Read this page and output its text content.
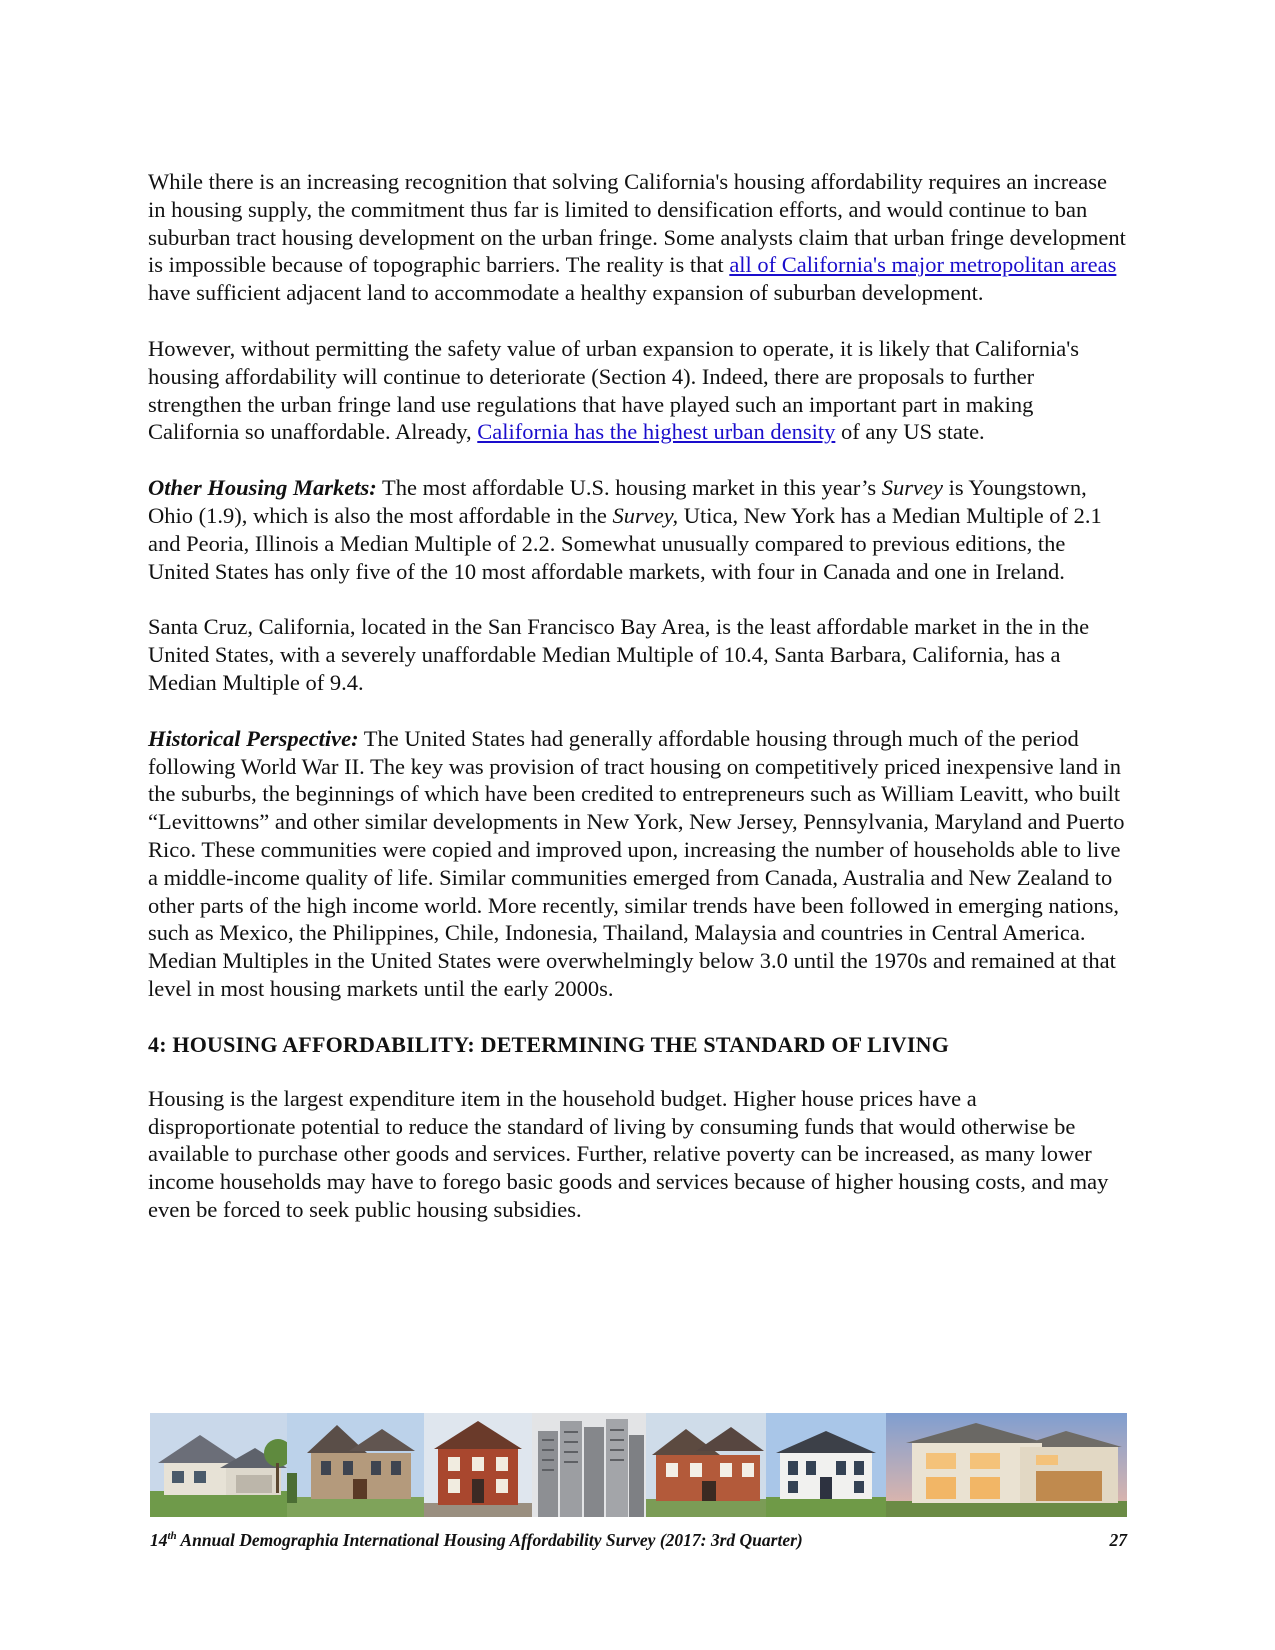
While there is an increasing recognition that solving California's housing affordability requires an increase in housing supply, the commitment thus far is limited to densification efforts, and would continue to ban suburban tract housing development on the urban fringe. Some analysts claim that urban fringe development is impossible because of topographic barriers. The reality is that all of California's major metropolitan areas have sufficient adjacent land to accommodate a healthy expansion of suburban development.

However, without permitting the safety value of urban expansion to operate, it is likely that California's housing affordability will continue to deteriorate (Section 4). Indeed, there are proposals to further strengthen the urban fringe land use regulations that have played such an important part in making California so unaffordable. Already, California has the highest urban density of any US state.

Other Housing Markets: The most affordable U.S. housing market in this year’s Survey is Youngstown, Ohio (1.9), which is also the most affordable in the Survey, Utica, New York has a Median Multiple of 2.1 and Peoria, Illinois a Median Multiple of 2.2. Somewhat unusually compared to previous editions, the United States has only five of the 10 most affordable markets, with four in Canada and one in Ireland.

Santa Cruz, California, located in the San Francisco Bay Area, is the least affordable market in the in the United States, with a severely unaffordable Median Multiple of 10.4, Santa Barbara, California, has a Median Multiple of 9.4.

Historical Perspective: The United States had generally affordable housing through much of the period following World War II. The key was provision of tract housing on competitively priced inexpensive land in the suburbs, the beginnings of which have been credited to entrepreneurs such as William Leavitt, who built “Levittowns” and other similar developments in New York, New Jersey, Pennsylvania, Maryland and Puerto Rico. These communities were copied and improved upon, increasing the number of households able to live a middle-income quality of life. Similar communities emerged from Canada, Australia and New Zealand to other parts of the high income world. More recently, similar trends have been followed in emerging nations, such as Mexico, the Philippines, Chile, Indonesia, Thailand, Malaysia and countries in Central America. Median Multiples in the United States were overwhelmingly below 3.0 until the 1970s and remained at that level in most housing markets until the early 2000s.

4: HOUSING AFFORDABILITY: DETERMINING THE STANDARD OF LIVING

Housing is the largest expenditure item in the household budget. Higher house prices have a disproportionate potential to reduce the standard of living by consuming funds that would otherwise be available to purchase other goods and services. Further, relative poverty can be increased, as many lower income households may have to forego basic goods and services because of higher housing costs, and may even be forced to seek public housing subsidies.

14th Annual Demographia International Housing Affordability Survey (2017: 3rd Quarter)	27
